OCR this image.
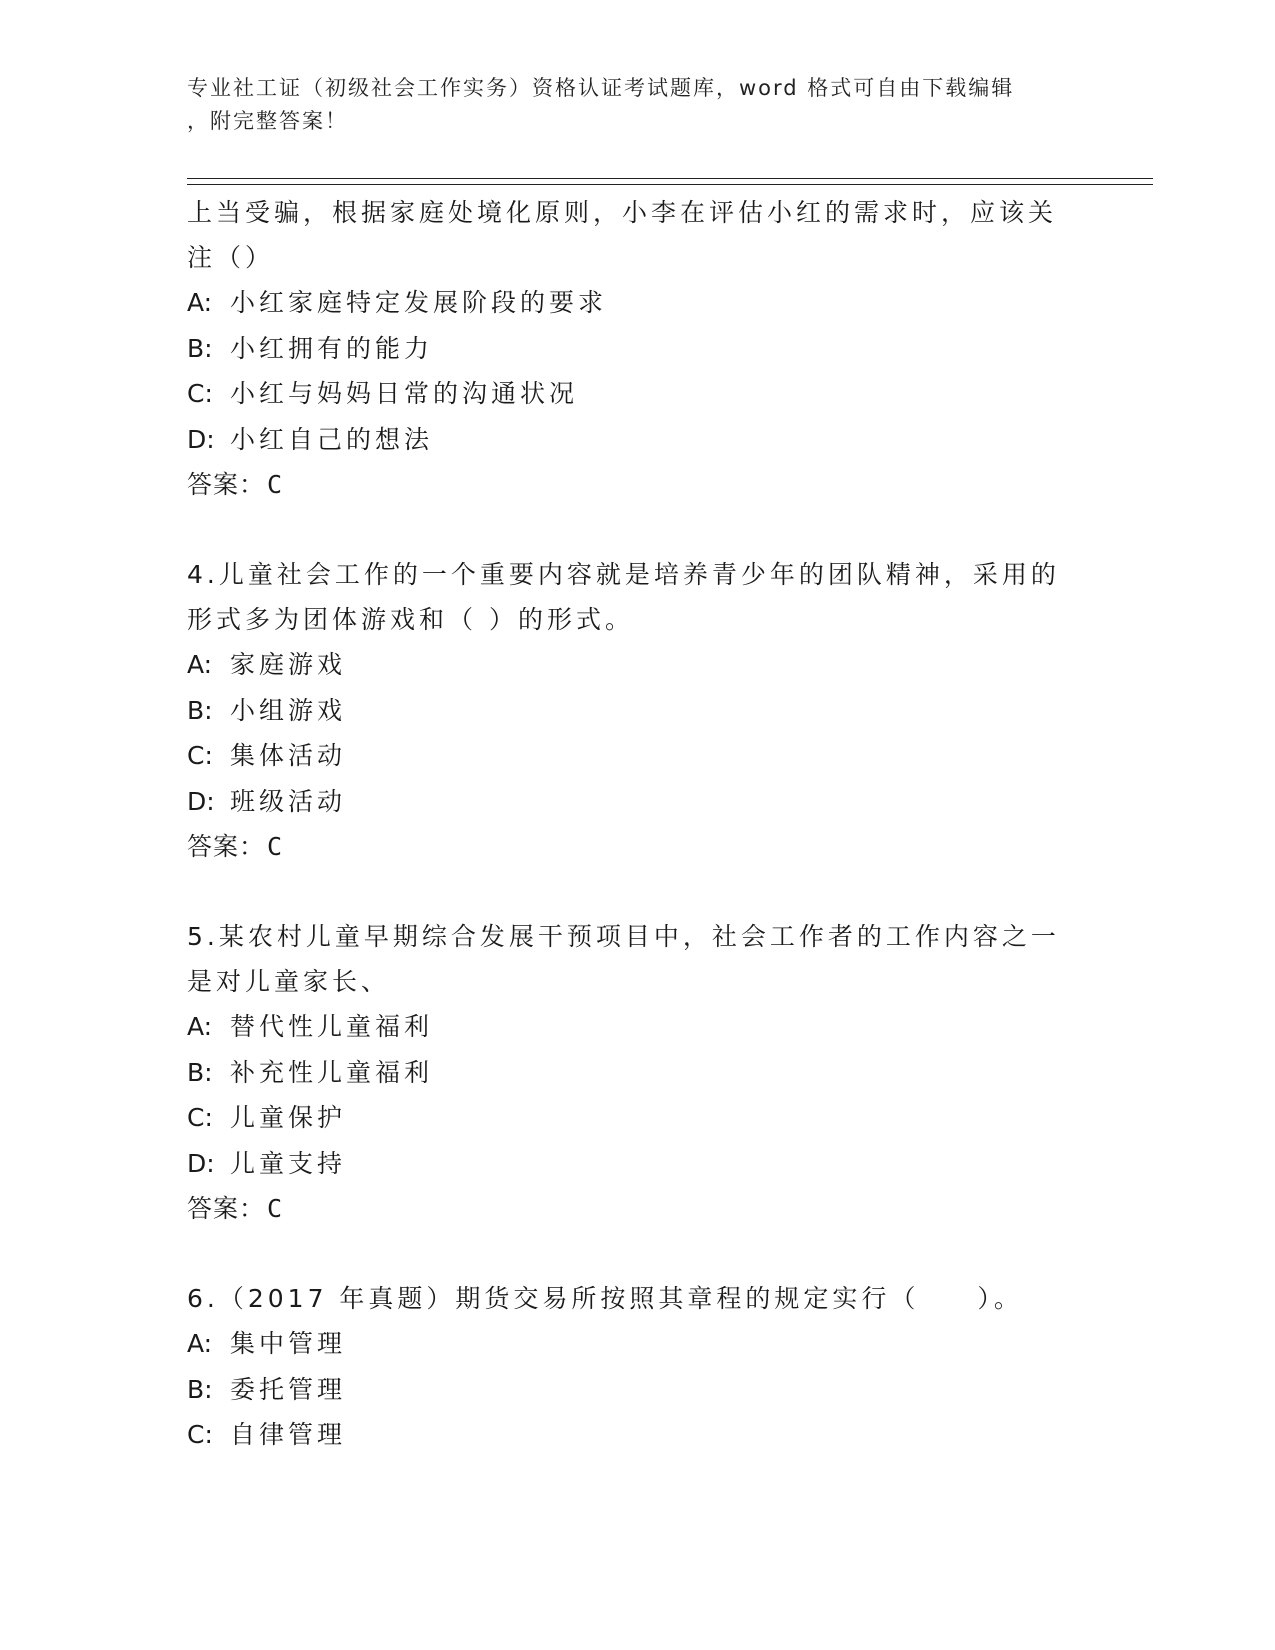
专业社工证（初级社会工作实务）资格认证考试题库，word 格式可自由下载编辑
，附完整答案！

上当受骗，根据家庭处境化原则，小李在评估小红的需求时，应该关

注（）

A: 小红家庭特定发展阶段的要求

B: 小红拥有的能力

C: 小红与妈妈日常的沟通状况

D: 小红自己的想法

答案：C

4.儿童社会工作的一个重要内容就是培养青少年的团队精神，采用的

形式多为团体游戏和（ ）的形式。

A: 家庭游戏

B: 小组游戏

C: 集体活动

D: 班级活动

答案：C

5.某农村儿童早期综合发展干预项目中，社会工作者的工作内容之一

是对儿童家长、

A: 替代性儿童福利

B: 补充性儿童福利

C: 儿童保护

D: 儿童支持

答案：C

6.（2017 年真题）期货交易所按照其章程的规定实行（　　）。

A: 集中管理

B: 委托管理

C: 自律管理
